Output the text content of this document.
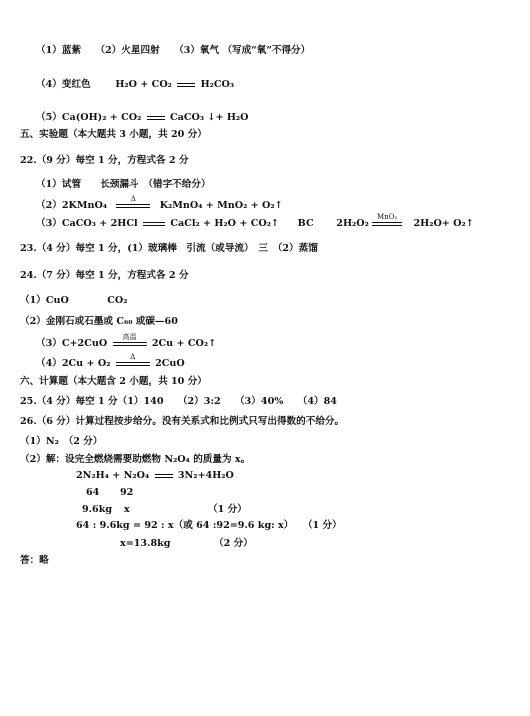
（1）蓝紫　　（2）火星四射　　（3）氧气 （写成“氧”不得分）
（4）变红色	H₂O + CO₂	H₂CO₃
（5）Ca(OH)₂ + CO₂	CaCO₃ ↓+ H₂O
五、实验题（本大题共 3 小题，共 20 分）
22.（9 分）每空 1 分，方程式各 2 分
（1）试管　　长颈漏斗　（错字不给分）
（2）2KMnO₄
Δ
K₂MnO₄ + MnO₂ + O₂↑
（3）CaCO₃ + 2HCl	CaCl₂ + H₂O + CO₂↑ BC 2H₂O₂
MnO₂
2H₂O+ O₂↑
23.（4 分）每空 1 分，(1）玻璃棒　引流（或导流）　三　（2）蒸馏
24.（7 分）每空 1 分，方程式各 2 分
（1）CuO　　　　CO₂
（2）金刚石或石墨或 C₆₀ 或碳—60
（3）C+2CuO
高温
2Cu + CO₂↑
（4）2Cu + O₂
Δ
2CuO
六、计算题（本大题含 2 小题，共 10 分）
25.（4 分）每空 1 分（1）140　　（2）3:2　　（3）40%　　（4）84
26.（6 分）计算过程按步给分。没有关系式和比例式只写出得数的不给分。
（1）N₂　（2 分）
（2）解：设完全燃烧需要助燃物 N₂O₄ 的质量为 x。
2N₂H₄ + N₂O₄	3N₂+4H₂O
64 92
9.6kg x	（1 分）
64 : 9.6kg = 92 : x（或 64 :92=9.6 kg: x）　　（1 分）
x=13.8kg	（2 分）
答：略
